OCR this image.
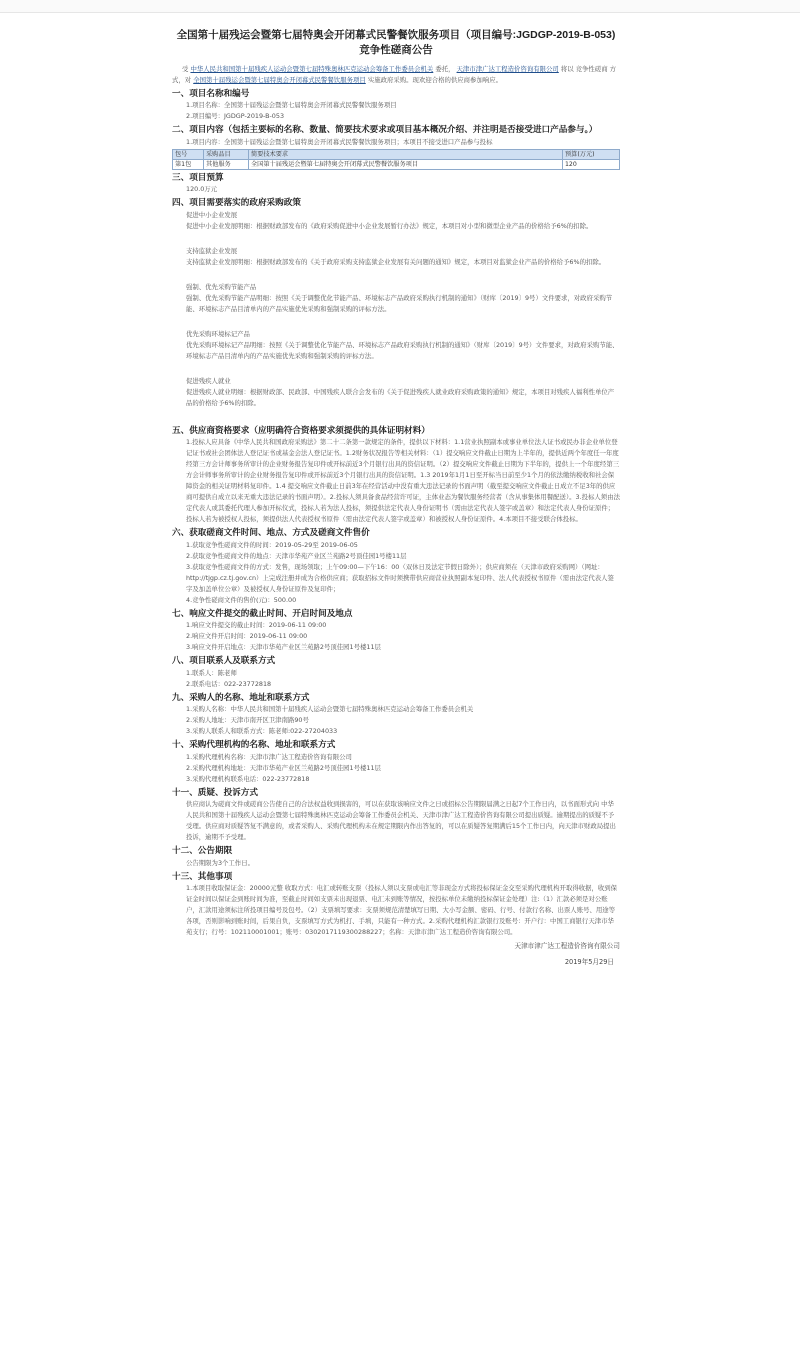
全国第十届残运会暨第七届特奥会开闭幕式民警餐饮服务项目（项目编号:JGDGP-2019-B-053)竞争性磋商公告

受 中华人民共和国第十届残疾人运动会暨第七届特殊奥林匹克运动会筹备工作委员会机关 委托， 天津市津广达工程造价咨询有限公司 将以 竞争性磋商 方式，对 全国第十届残运会暨第七届特奥会开闭幕式民警餐饮服务项目 实施政府采购。现欢迎合格的供应商参加响应。

一、项目名称和编号

1.项目名称：全国第十届残运会暨第七届特奥会开闭幕式民警餐饮服务项目

2.项目编号：JGDGP-2019-B-053

二、项目内容（包括主要标的名称、数量、简要技术要求或项目基本概况介绍、并注明是否接受进口产品参与。）

1.项目内容：全国第十届残运会暨第七届特奥会开闭幕式民警餐饮服务项目；本项目不接受进口产品参与投标

包号	采购品目	简要技术要求	预算(万元)
第1包	其他服务	全国第十届残运会暨第七届特奥会开闭幕式民警餐饮服务项目	120
三、项目预算

120.0万元

四、项目需要落实的政府采购政策

促进中小企业发展

促进中小企业发展明细：根据财政部发布的《政府采购促进中小企业发展暂行办法》规定，本项目对小型和微型企业产品的价格给予6%的扣除。

支持监狱企业发展

支持监狱企业发展明细：根据财政部发布的《关于政府采购支持监狱企业发展有关问题的通知》规定，本项目对监狱企业产品的价格给予6%的扣除。

强制、优先采购节能产品

强制、优先采购节能产品明细：按照《关于调整优化节能产品、环境标志产品政府采购执行机制的通知》（财库〔2019〕9号）文件要求，对政府采购节能、环境标志产品目清单内的产品实施优先采购和强制采购的评标方法。

优先采购环境标记产品

优先采购环境标记产品明细：按照《关于调整优化节能产品、环境标志产品政府采购执行机制的通知》（财库〔2019〕9号）文件要求，对政府采购节能、环境标志产品目清单内的产品实施优先采购和强制采购的评标方法。

促进残疾人就业

促进残疾人就业明细：根据财政部、民政部、中国残疾人联合会发布的《关于促进残疾人就业政府采购政策的通知》规定，本项目对残疾人福利性单位产品的价格给予6%的扣除。

五、供应商资格要求（应明确符合资格要求须提供的具体证明材料）

1.投标人应具备《中华人民共和国政府采购法》第二十二条第一款规定的条件，提供以下材料：1.1营业执照副本或事业单位法人证书或民办非企业单位登记证书或社会团体法人登记证书或基金会法人登记证书。1.2财务状况报告等相关材料：（1）提交响应文件截止日期为上半年的，提供近两个年度任一年度经第三方会计师事务所审计的企业财务报告复印件或开标前近3个月银行出具的资信证明。（2）提交响应文件截止日期为下半年的，提供上一个年度经第三方会计师事务所审计的企业财务报告复印件或开标前近3个月银行出具的资信证明。1.3 2019年1月1日至开标当日前至少1个月的依法缴纳税收和社会保障资金的相关证明材料复印件。1.4 提交响应文件截止日前3年在经营活动中没有重大违法记录的书面声明（截至提交响应文件截止日成立不足3年的供应商可提供自成立以来无重大违法记录的书面声明）。2.投标人须具备食品经营许可证，主体业态为餐饮服务经营者（含从事集体用餐配送）。3.投标人须由法定代表人或其委托代理人参加开标仪式，投标人若为法人投标，须提供法定代表人身份证明书（需由法定代表人签字或盖章）和法定代表人身份证原件；投标人若为被授权人投标，须提供法人代表授权书原件（需由法定代表人签字或盖章）和被授权人身份证原件。4.本项目不接受联合体投标。

六、获取磋商文件时间、地点、方式及磋商文件售价

1.获取竞争性磋商文件的时间：2019-05-29至 2019-06-05

2.获取竞争性磋商文件的地点：天津市华苑产业区兰苑路2号顶佳园1号楼11层

3.获取竞争性磋商文件的方式：发售，现场领取；上午09:00—下午16：00（双休日及法定节假日除外）；供应商须在（天津市政府采购网）（网址：http://tjgp.cz.tj.gov.cn）上完成注册并成为合格供应商；获取招标文件时须携带供应商营业执照副本复印件、法人代表授权书原件（需由法定代表人签字及加盖单位公章）及被授权人身份证原件及复印件；

4.竞争性磋商文件的售价(元)：500.00

七、响应文件提交的截止时间、开启时间及地点

1.响应文件提交的截止时间：2019-06-11 09:00

2.响应文件开启时间：2019-06-11 09:00

3.响应文件开启地点：天津市华苑产业区兰苑路2号顶佳园1号楼11层

八、项目联系人及联系方式

1.联系人：陈老师

2.联系电话：022-23772818

九、采购人的名称、地址和联系方式

1.采购人名称：中华人民共和国第十届残疾人运动会暨第七届特殊奥林匹克运动会筹备工作委员会机关

2.采购人地址：天津市南开区卫津南路90号

3.采购人联系人和联系方式：陈老师:022-27204033

十、采购代理机构的名称、地址和联系方式

1.采购代理机构名称：天津市津广达工程造价咨询有限公司

2.采购代理机构地址：天津市华苑产业区兰苑路2号顶佳园1号楼11层

3.采购代理机构联系电话：022-23772818

十一、质疑、投诉方式

供应商认为磋商文件或磋商公告使自己的合法权益收到损害的，可以在获取该响应文件之日或招标公告期限届满之日起7个工作日内，以书面形式向 中华人民共和国第十届残疾人运动会暨第七届特殊奥林匹克运动会筹备工作委员会机关、天津市津广达工程造价咨询有限公司提出质疑。逾期提出的质疑不予受理。供应商对质疑答复不满意的，或者采购人、采购代理机构未在规定期限内作出答复的，可以在质疑答复期满后15个工作日内，向天津市财政局提出投诉，逾期不予受理。

十二、公告期限

公告期限为3个工作日。

十三、其他事项

1.本项目收取保证金：20000元整 收取方式：电汇或转账支票（投标人须以支票或电汇等非现金方式将投标保证金交至采购代理机构开取得收据，收到保证金时间以保证金到账时间为准，至截止时间如支票未出现退票、电汇未到账等情况，按投标单位未缴纳投标保证金处理）注:（1）汇款必须是对公账户，汇款用途须标注所投项目编号及包号。（2）支票填写要求：支票须规范清楚填写日期、大小写金额、密码、行号、付款行名称、出票人账号、用途等各项，否则影响到账时间，后果自负，支票填写方式为机打、手填，只能有一种方式。2.采购代理机构汇款银行及账号：开户行：中国工商银行天津市华苑支行；行号：102110001001；账号：0302017119300288227；名称：天津市津广达工程造价咨询有限公司。

天津市津广达工程造价咨询有限公司

2019年5月29日
